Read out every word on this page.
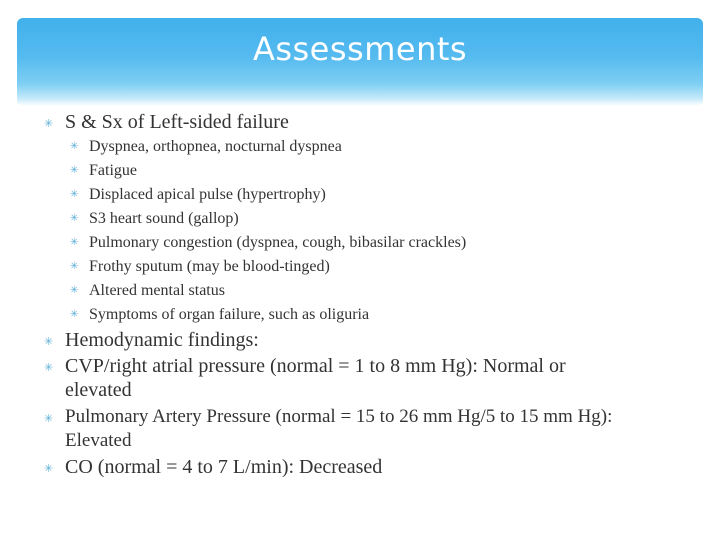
Assessments
✳ S & Sx of Left-sided failure
✳ Dyspnea, orthopnea, nocturnal dyspnea
✳ Fatigue
✳ Displaced apical pulse (hypertrophy)
✳ S3 heart sound (gallop)
✳ Pulmonary congestion (dyspnea, cough, bibasilar crackles)
✳ Frothy sputum (may be blood-tinged)
✳ Altered mental status
✳ Symptoms of organ failure, such as oliguria
✳ Hemodynamic findings:
✳ CVP/right atrial pressure (normal = 1 to 8 mm Hg): Normal or elevated
✳ Pulmonary Artery Pressure (normal = 15 to 26 mm Hg/5 to 15 mm Hg): Elevated
✳ CO (normal = 4 to 7 L/min): Decreased
